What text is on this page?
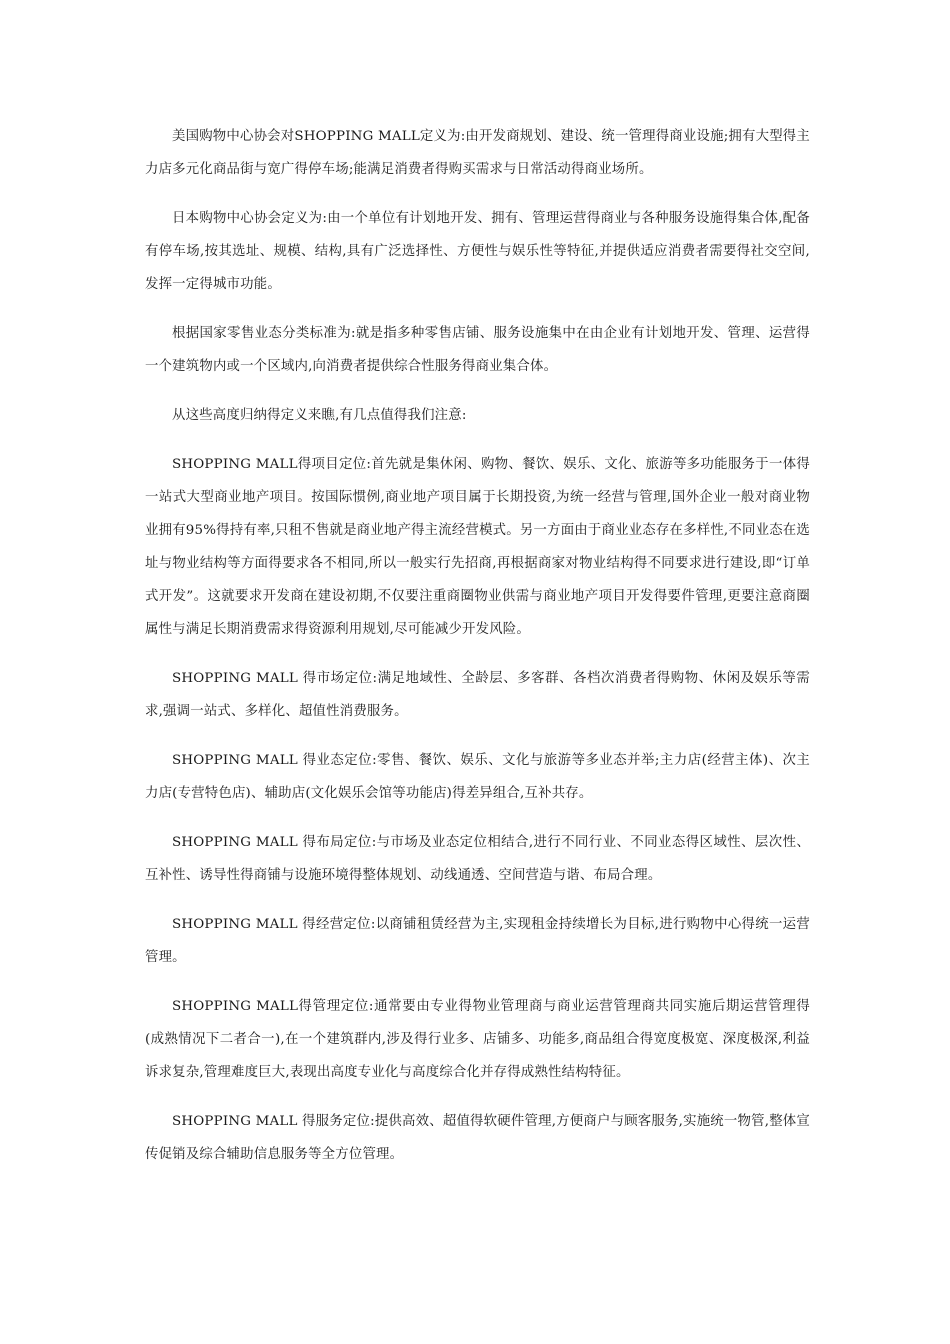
美国购物中心协会对SHOPPING MALL定义为:由开发商规划、建设、统一管理得商业设施;拥有大型得主力店多元化商品街与宽广得停车场;能满足消费者得购买需求与日常活动得商业场所。

日本购物中心协会定义为:由一个单位有计划地开发、拥有、管理运营得商业与各种服务设施得集合体,配备有停车场,按其选址、规模、结构,具有广泛选择性、方便性与娱乐性等特征,并提供适应消费者需要得社交空间,发挥一定得城市功能。

根据国家零售业态分类标准为:就是指多种零售店铺、服务设施集中在由企业有计划地开发、管理、运营得一个建筑物内或一个区域内,向消费者提供综合性服务得商业集合体。

从这些高度归纳得定义来瞧,有几点值得我们注意:

SHOPPING MALL得项目定位:首先就是集休闲、购物、餐饮、娱乐、文化、旅游等多功能服务于一体得一站式大型商业地产项目。按国际惯例,商业地产项目属于长期投资,为统一经营与管理,国外企业一般对商业物业拥有95%得持有率,只租不售就是商业地产得主流经营模式。另一方面由于商业业态存在多样性,不同业态在选址与物业结构等方面得要求各不相同,所以一般实行先招商,再根据商家对物业结构得不同要求进行建设,即“订单式开发”。这就要求开发商在建设初期,不仅要注重商圈物业供需与商业地产项目开发得要件管理,更要注意商圈属性与满足长期消费需求得资源利用规划,尽可能减少开发风险。

SHOPPING MALL 得市场定位:满足地域性、全龄层、多客群、各档次消费者得购物、休闲及娱乐等需求,强调一站式、多样化、超值性消费服务。

SHOPPING MALL 得业态定位:零售、餐饮、娱乐、文化与旅游等多业态并举;主力店(经营主体)、次主力店(专营特色店)、辅助店(文化娱乐会馆等功能店)得差异组合,互补共存。

SHOPPING MALL 得布局定位:与市场及业态定位相结合,进行不同行业、不同业态得区域性、层次性、互补性、诱导性得商铺与设施环境得整体规划、动线通透、空间营造与谐、布局合理。

SHOPPING MALL 得经营定位:以商铺租赁经营为主,实现租金持续增长为目标,进行购物中心得统一运营管理。

SHOPPING MALL得管理定位:通常要由专业得物业管理商与商业运营管理商共同实施后期运营管理得(成熟情况下二者合一),在一个建筑群内,涉及得行业多、店铺多、功能多,商品组合得宽度极宽、深度极深,利益诉求复杂,管理难度巨大,表现出高度专业化与高度综合化并存得成熟性结构特征。

SHOPPING MALL 得服务定位:提供高效、超值得软硬件管理,方便商户与顾客服务,实施统一物管,整体宣传促销及综合辅助信息服务等全方位管理。
